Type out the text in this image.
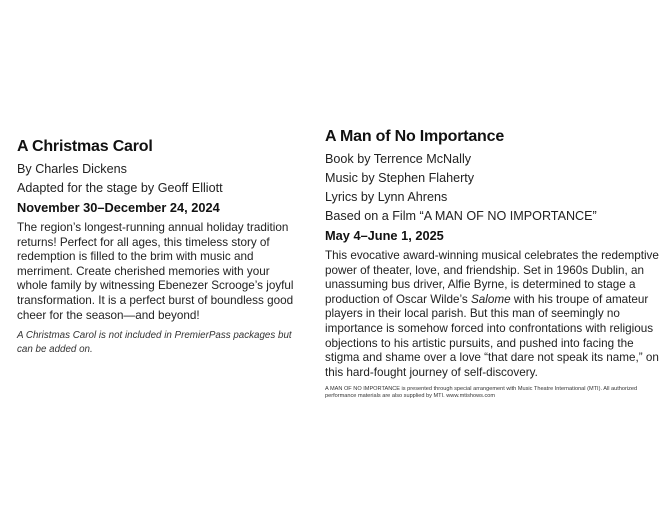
A Christmas Carol

By Charles Dickens

Adapted for the stage by Geoff Elliott

November 30–December 24, 2024

The region’s longest-running annual holiday tradition returns! Perfect for all ages, this timeless story of redemption is filled to the brim with music and merriment. Create cherished memories with your whole family by witnessing Ebenezer Scrooge’s joyful transformation. It is a perfect burst of boundless good cheer for the season—and beyond!

A Christmas Carol is not included in PremierPass packages but can be added on.

A Man of No Importance

Book by Terrence McNally

Music by Stephen Flaherty

Lyrics by Lynn Ahrens

Based on a Film “A MAN OF NO IMPORTANCE”

May 4–June 1, 2025

This evocative award-winning musical celebrates the redemptive power of theater, love, and friendship. Set in 1960s Dublin, an unassuming bus driver, Alfie Byrne, is determined to stage a production of Oscar Wilde’s Salome with his troupe of amateur players in their local parish. But this man of seemingly no importance is somehow forced into confrontations with religious objections to his artistic pursuits, and pushed into facing the stigma and shame over a love “that dare not speak its name,” on this hard-fought journey of self-discovery.

A MAN OF NO IMPORTANCE is presented through special arrangement with Music Theatre International (MTI). All authorized performance materials are also supplied by MTI. www.mtishows.com
